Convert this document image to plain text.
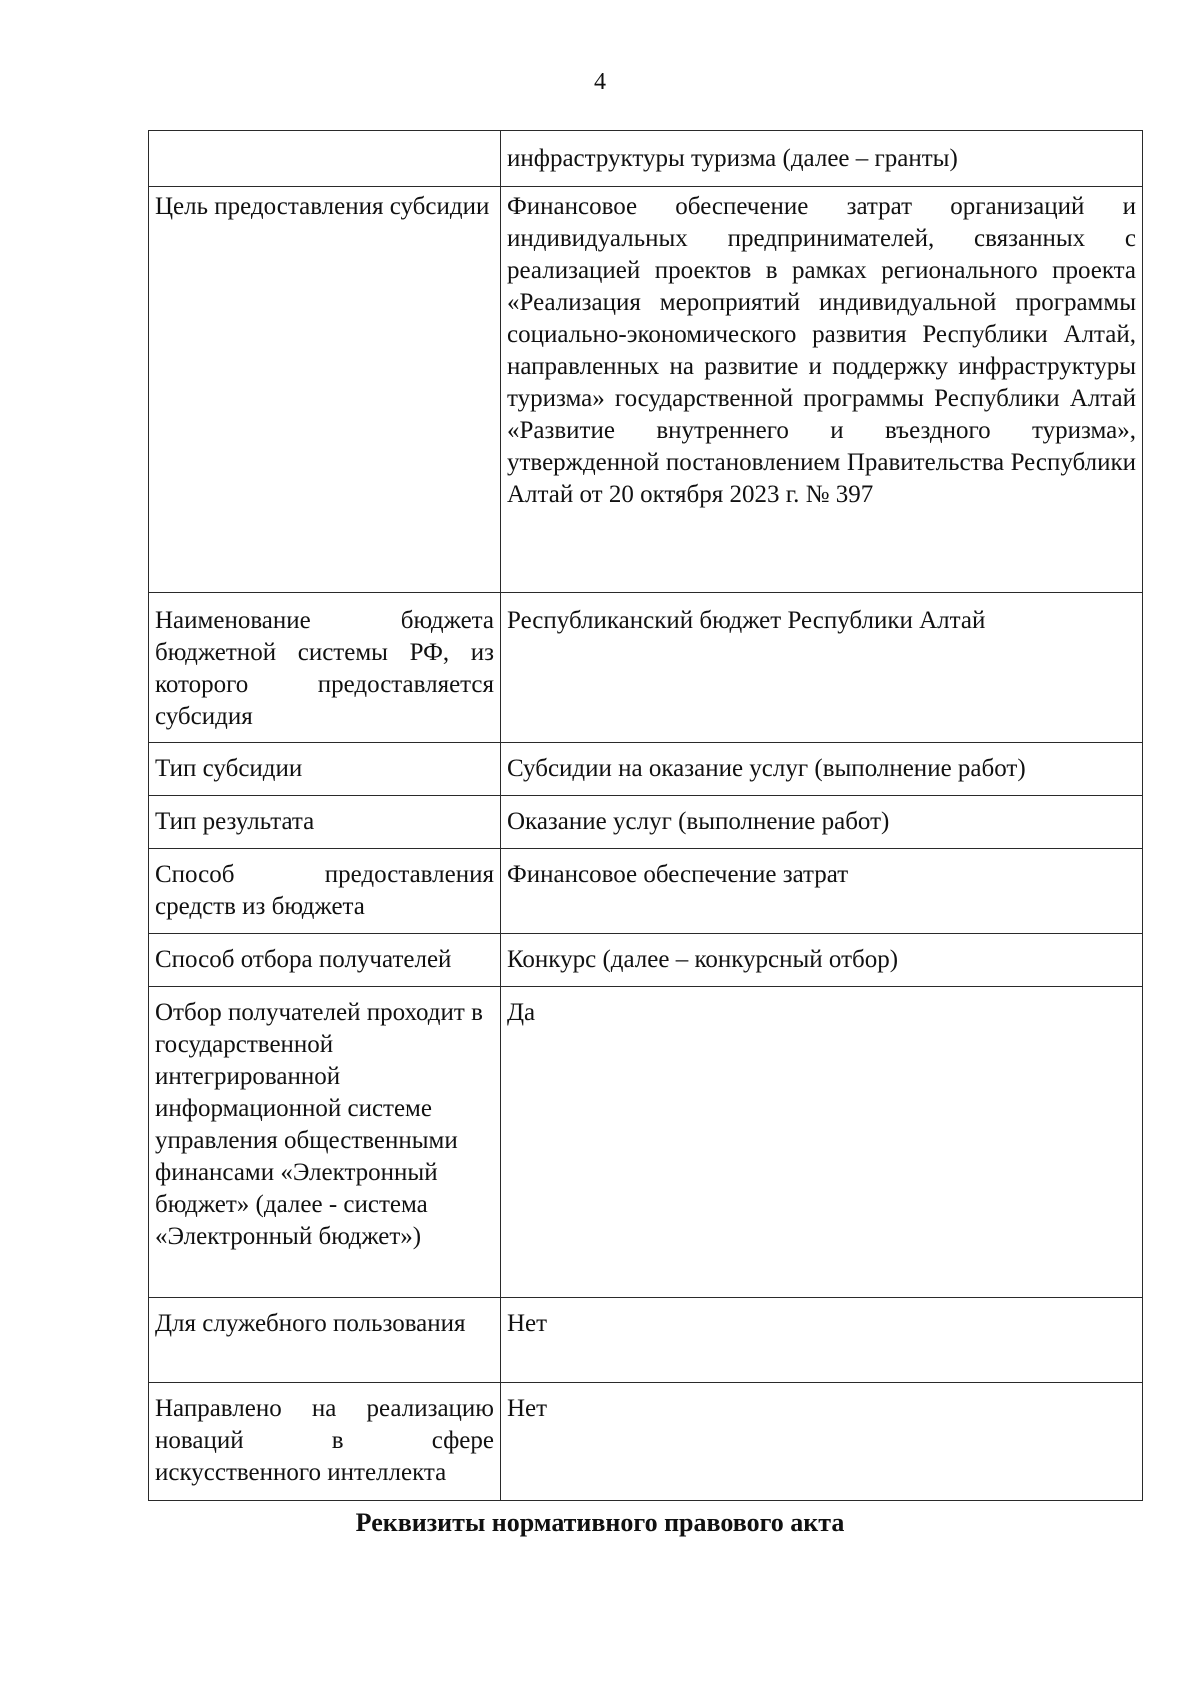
4
	инфраструктуры туризма (далее – гранты)
Цель предоставления субсидии	Финансовое обеспечение затрат организаций и индивидуальных предпринимателей, связанных с реализацией проектов в рамках регионального проекта «Реализация мероприятий индивидуальной программы социально-экономического развития Республики Алтай, направленных на развитие и поддержку инфраструктуры туризма» государственной программы Республики Алтай «Развитие внутреннего и въездного туризма», утвержденной постановлением Правительства Республики Алтай от 20 октября 2023 г. № 397
Наименование бюджета бюджетной системы РФ, из которого предоставляется субсидия	Республиканский бюджет Республики Алтай
Тип субсидии	Субсидии на оказание услуг (выполнение работ)
Тип результата	Оказание услуг (выполнение работ)
Способ предоставления средств из бюджета	Финансовое обеспечение затрат
Способ отбора получателей	Конкурс (далее – конкурсный отбор)
Отбор получателей проходит в государственной интегрированной информационной системе управления общественными финансами «Электронный бюджет» (далее - система «Электронный бюджет»)	Да
Для служебного пользования	Нет
Направлено на реализацию новаций в сфере искусственного интеллекта	Нет
Реквизиты нормативного правового акта
